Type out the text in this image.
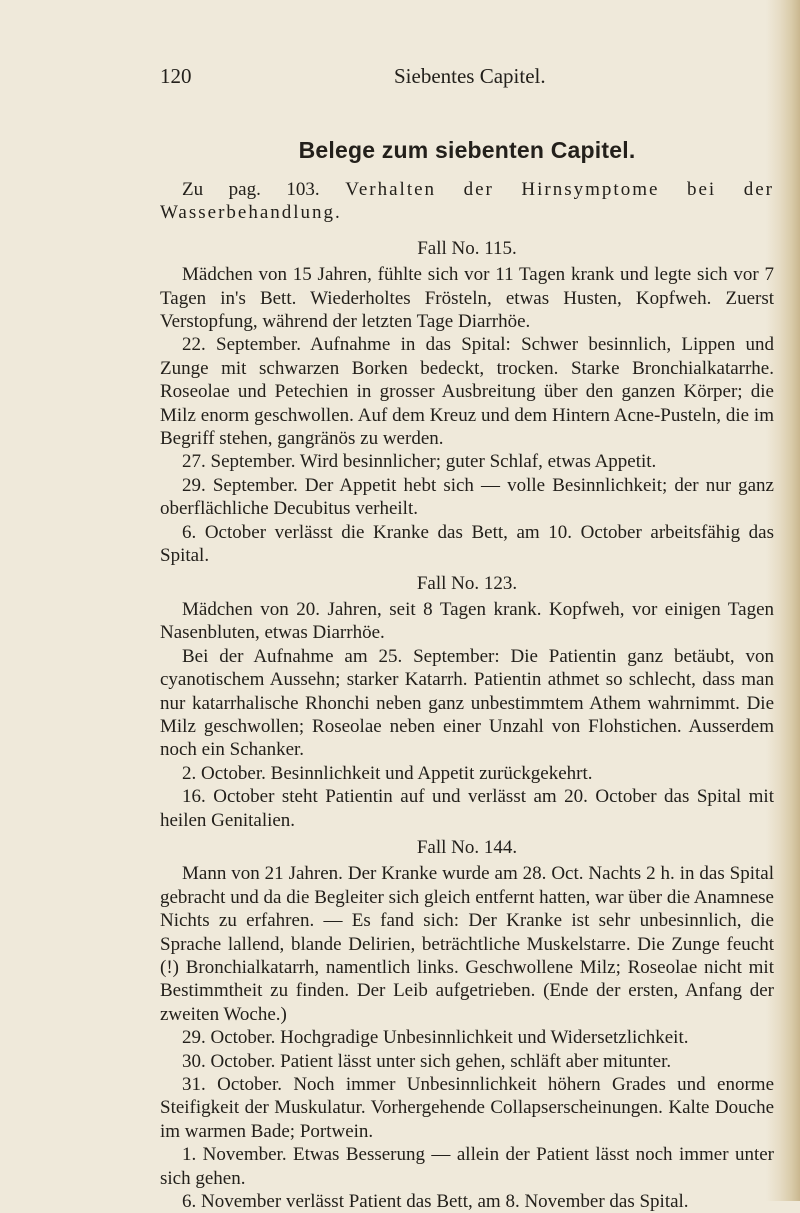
120	Siebentes Capitel.
Belege zum siebenten Capitel.

Zu pag. 103. Verhalten der Hirnsymptome bei der Wasserbehandlung.

Fall No. 115.

Mädchen von 15 Jahren, fühlte sich vor 11 Tagen krank und legte sich vor 7 Tagen in's Bett. Wiederholtes Frösteln, etwas Husten, Kopfweh. Zuerst Verstopfung, während der letzten Tage Diarrhöe.

22. September. Aufnahme in das Spital: Schwer besinnlich, Lippen und Zunge mit schwarzen Borken bedeckt, trocken. Starke Bronchialkatarrhe. Roseolae und Petechien in grosser Ausbreitung über den ganzen Körper; die Milz enorm geschwollen. Auf dem Kreuz und dem Hintern Acne-Pusteln, die im Begriff stehen, gangränös zu werden.

27. September. Wird besinnlicher; guter Schlaf, etwas Appetit.

29. September. Der Appetit hebt sich — volle Besinnlichkeit; der nur ganz oberflächliche Decubitus verheilt.

6. October verlässt die Kranke das Bett, am 10. October arbeitsfähig das Spital.

Fall No. 123.

Mädchen von 20. Jahren, seit 8 Tagen krank. Kopfweh, vor einigen Tagen Nasenbluten, etwas Diarrhöe.

Bei der Aufnahme am 25. September: Die Patientin ganz betäubt, von cyanotischem Aussehn; starker Katarrh. Patientin athmet so schlecht, dass man nur katarrhalische Rhonchi neben ganz unbestimmtem Athem wahrnimmt. Die Milz geschwollen; Roseolae neben einer Unzahl von Flohstichen. Ausserdem noch ein Schanker.

2. October. Besinnlichkeit und Appetit zurückgekehrt.

16. October steht Patientin auf und verlässt am 20. October das Spital mit heilen Genitalien.

Fall No. 144.

Mann von 21 Jahren. Der Kranke wurde am 28. Oct. Nachts 2 h. in das Spital gebracht und da die Begleiter sich gleich entfernt hatten, war über die Anamnese Nichts zu erfahren. — Es fand sich: Der Kranke ist sehr unbesinnlich, die Sprache lallend, blande Delirien, beträchtliche Muskelstarre. Die Zunge feucht (!) Bronchialkatarrh, namentlich links. Geschwollene Milz; Roseolae nicht mit Bestimmtheit zu finden. Der Leib aufgetrieben. (Ende der ersten, Anfang der zweiten Woche.)

29. October. Hochgradige Unbesinnlichkeit und Widersetzlichkeit.

30. October. Patient lässt unter sich gehen, schläft aber mitunter.

31. October. Noch immer Unbesinnlichkeit höhern Grades und enorme Steifigkeit der Muskulatur. Vorhergehende Collapserscheinungen. Kalte Douche im warmen Bade; Portwein.

1. November. Etwas Besserung — allein der Patient lässt noch immer unter sich gehen.

6. November verlässt Patient das Bett, am 8. November das Spital.
